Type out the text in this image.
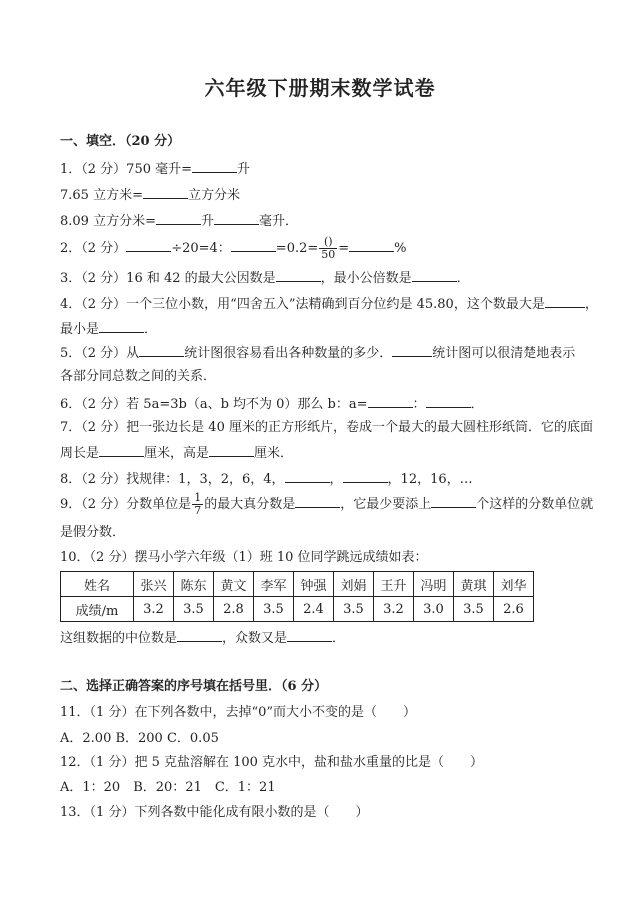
六年级下册期末数学试卷
一、填空．（20 分）
1．（2 分）750 毫升=	升
7.65 立方米=	立方分米
8.09 立方分米=	升	毫升．
2．（2 分）	÷20=4：	$=0.2= \frac{()}{50}$ =	%
3．（2 分）16 和 42 的最大公因数是	，最小公倍数是	．
4．（2 分）一个三位小数，用“四舍五入”法精确到百分位约是 45.80，这个数最大是	，
最小是	．
5．（2 分）从	统计图很容易看出各种数量的多少．	统计图可以很清楚地表示
各部分同总数之间的关系．
6．（2 分）若 5a=3b（a、b 均不为 0）那么 b：a=	：	．
7．（2 分）把一张边长是 40 厘米的正方形纸片，卷成一个最大的最大圆柱形纸筒．它的底面
周长是	厘米，高是	厘米．
8．（2 分）找规律：1，3，2，6，4，	，	，12，16，…
9．（2 分）分数单位是 $\frac{1}{7}$ 的最大真分数是	，它最少要添上	个这样的分数单位就
是假分数．
10．（2 分）摆马小学六年级（1）班 10 位同学跳远成绩如表：
姓名	张兴	陈东	黄文	李军	钟强	刘娟	王升	冯明	黄琪	刘华
成绩/m	3.2	3.5	2.8	3.5	2.4	3.5	3.2	3.0	3.5	2.6
这组数据的中位数是	，众数又是	．
二、选择正确答案的序号填在括号里．（6 分）
11．（1 分）在下列各数中，去掉“0”而大小不变的是（　　）
A．2.00 B．200 C．0.05
12．（1 分）把 5 克盐溶解在 100 克水中，盐和盐水重量的比是（　　）
A．1：20　B．20：21　C．1：21
13．（1 分）下列各数中能化成有限小数的是（　　）
